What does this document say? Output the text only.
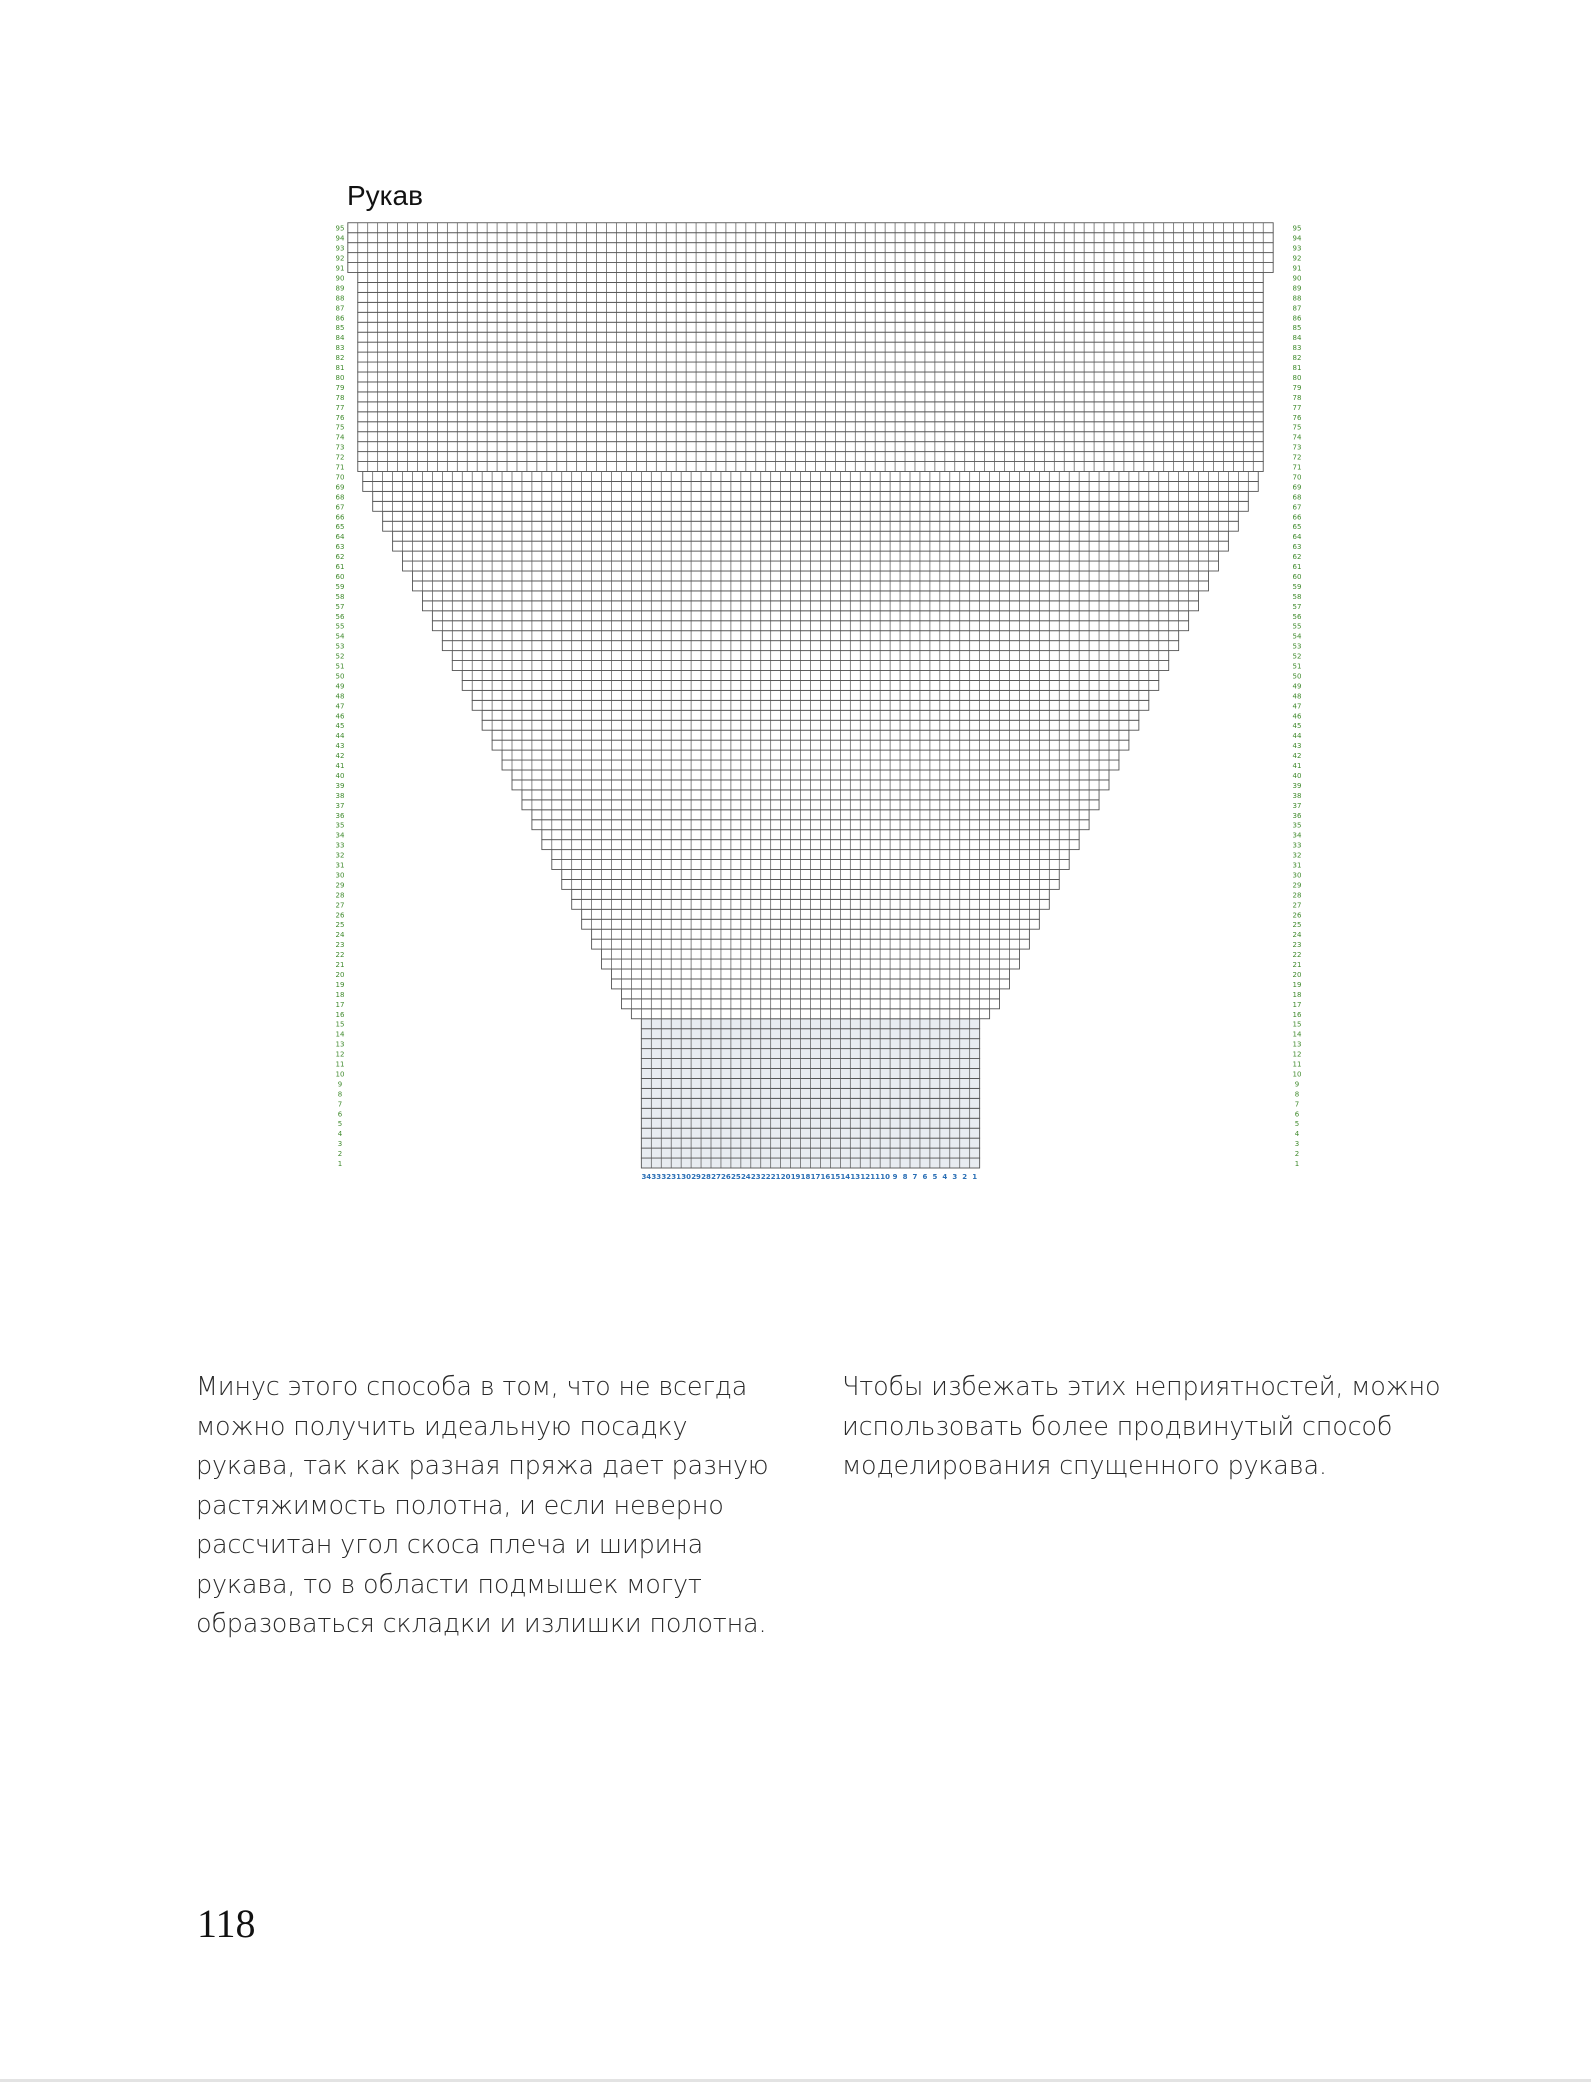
Рукав
1	1
2	2
3	3
4	4
5	5
6	6
7	7
8	8
9	9
10	10
11	11
12	12
13	13
14	14
15	15
16	16
17	17
18	18
19	19
20	20
21	21
22	22
23	23
24	24
25	25
26	26
27	27
28	28
29	29
30	30
31	31
32	32
33	33
34	34
35	35
36	36
37	37
38	38
39	39
40	40
41	41
42	42
43	43
44	44
45	45
46	46
47	47
48	48
49	49
50	50
51	51
52	52
53	53
54	54
55	55
56	56
57	57
58	58
59	59
60	60
61	61
62	62
63	63
64	64
65	65
66	66
67	67
68	68
69	69
70	70
71	71
72	72
73	73
74	74
75	75
76	76
77	77
78	78
79	79
80	80
81	81
82	82
83	83
84	84
85	85
86	86
87	87
88	88
89	89
90	90
91	91
92	92
93	93
94	94
95	95
34 33 32 31 30 29 28 27 26 25 24 23 22 21 20 19 18 17 16 15 14 13 12 11 10 9 8 7 6 5 4 3 2 1
Минус этого способа в том, что не всегда
можно получить идеальную посадку
рукава, так как разная пряжа дает разную
растяжимость полотна, и если неверно
рассчитан угол скоса плеча и ширина
рукава, то в области подмышек могут
образоваться складки и излишки полотна.
Чтобы избежать этих неприятностей, можно
использовать более продвинутый способ
моделирования спущенного рукава.
118
